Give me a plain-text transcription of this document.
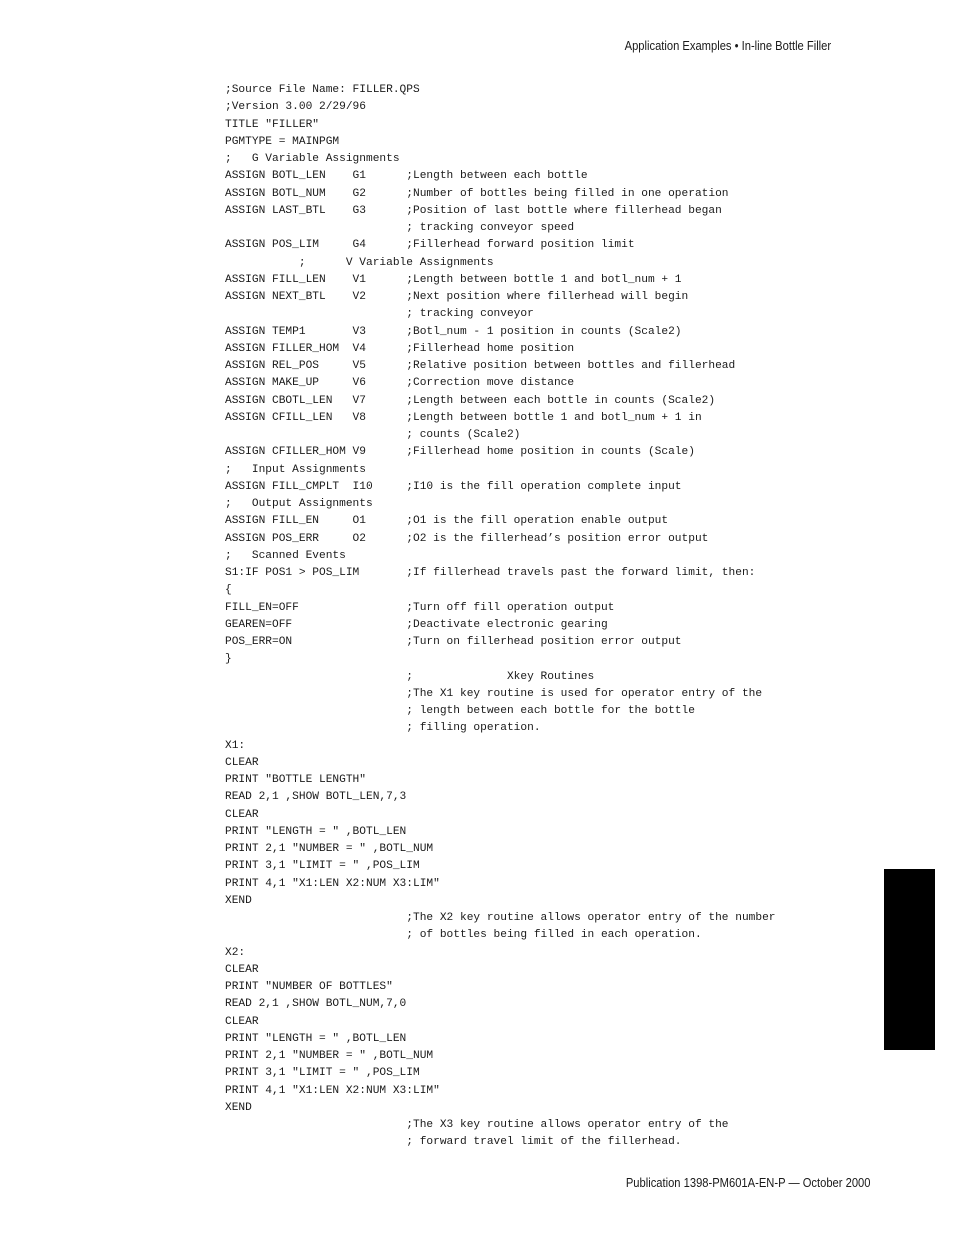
Application Examples • In-line Bottle Filler
;Source File Name: FILLER.QPS
;Version 3.00 2/29/96
TITLE "FILLER"
PGMTYPE = MAINPGM
;   G Variable Assignments
ASSIGN BOTL_LEN    G1      ;Length between each bottle
ASSIGN BOTL_NUM    G2      ;Number of bottles being filled in one operation
ASSIGN LAST_BTL    G3      ;Position of last bottle where fillerhead began
; tracking conveyor speed
ASSIGN POS_LIM     G4      ;Fillerhead forward position limit
;      V Variable Assignments
ASSIGN FILL_LEN    V1      ;Length between bottle 1 and botl_num + 1
ASSIGN NEXT_BTL    V2      ;Next position where fillerhead will begin
; tracking conveyor
ASSIGN TEMP1       V3      ;Botl_num - 1 position in counts (Scale2)
ASSIGN FILLER_HOM  V4      ;Fillerhead home position
ASSIGN REL_POS     V5      ;Relative position between bottles and fillerhead
ASSIGN MAKE_UP     V6      ;Correction move distance
ASSIGN CBOTL_LEN   V7      ;Length between each bottle in counts (Scale2)
ASSIGN CFILL_LEN   V8      ;Length between bottle 1 and botl_num + 1 in
; counts (Scale2)
ASSIGN CFILLER_HOM V9      ;Fillerhead home position in counts (Scale)
;   Input Assignments
ASSIGN FILL_CMPLT  I10     ;I10 is the fill operation complete input
;   Output Assignments
ASSIGN FILL_EN     O1      ;O1 is the fill operation enable output
ASSIGN POS_ERR     O2      ;O2 is the fillerhead’s position error output
;   Scanned Events
S1:IF POS1 > POS_LIM       ;If fillerhead travels past the forward limit, then:
{
FILL_EN=OFF                ;Turn off fill operation output
GEAREN=OFF                 ;Deactivate electronic gearing
POS_ERR=ON                 ;Turn on fillerhead position error output
}
;              Xkey Routines
;The X1 key routine is used for operator entry of the
; length between each bottle for the bottle
; filling operation.
X1:
CLEAR
PRINT "BOTTLE LENGTH"
READ 2,1 ,SHOW BOTL_LEN,7,3
CLEAR
PRINT "LENGTH = " ,BOTL_LEN
PRINT 2,1 "NUMBER = " ,BOTL_NUM
PRINT 3,1 "LIMIT = " ,POS_LIM
PRINT 4,1 "X1:LEN X2:NUM X3:LIM"
XEND
;The X2 key routine allows operator entry of the number
; of bottles being filled in each operation.
X2:
CLEAR
PRINT "NUMBER OF BOTTLES"
READ 2,1 ,SHOW BOTL_NUM,7,0
CLEAR
PRINT "LENGTH = " ,BOTL_LEN
PRINT 2,1 "NUMBER = " ,BOTL_NUM
PRINT 3,1 "LIMIT = " ,POS_LIM
PRINT 4,1 "X1:LEN X2:NUM X3:LIM"
XEND
;The X3 key routine allows operator entry of the
; forward travel limit of the fillerhead.
Publication 1398-PM601A-EN-P — October 2000
